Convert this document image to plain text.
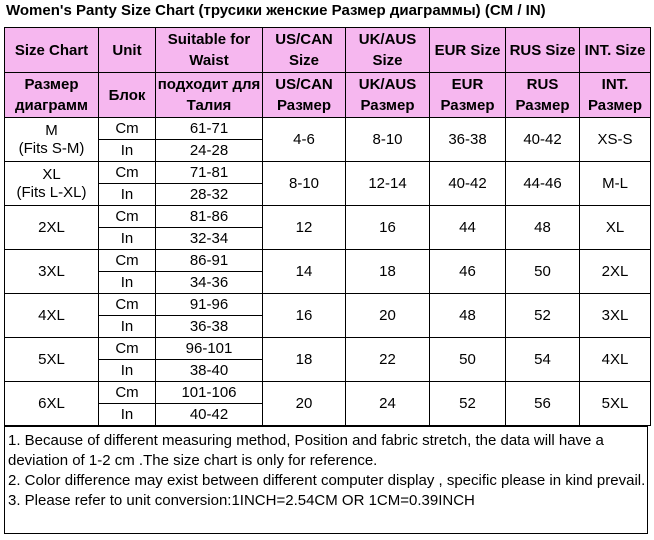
Women's Panty Size Chart (трусики женские Размер диаграммы) (CM / IN)
Size Chart	Unit	Suitable for Waist	US/CAN Size	UK/AUS Size	EUR Size	RUS Size	INT. Size
Размер диаграмм	Блок	подходит для Талия	US/CAN Размер	UK/AUS Размер	EUR Размер	RUS Размер	INT. Размер

M
(Fits S-M)	Cm	61-71	4-6	8-10	36-38	40-42	XS-S
	In	24-28					

XL
(Fits L-XL)	Cm	71-81	8-10	12-14	40-42	44-46	M-L
	In	28-32					

2XL	Cm	81-86	12	16	44	48	XL
	In	32-34					

3XL	Cm	86-91	14	18	46	50	2XL
	In	34-36					

4XL	Cm	91-96	16	20	48	52	3XL
	In	36-38					

5XL	Cm	96-101	18	22	50	54	4XL
	In	38-40					

6XL	Cm	101-106	20	24	52	56	5XL
	In	40-42					

1. Because of different measuring method, Position and fabric stretch, the data will have a deviation of 1-2 cm .The size chart is only for reference.

2. Color difference may exist between different computer display , specific please in kind prevail.

3. Please refer to unit conversion:1INCH=2.54CM OR 1CM=0.39INCH
